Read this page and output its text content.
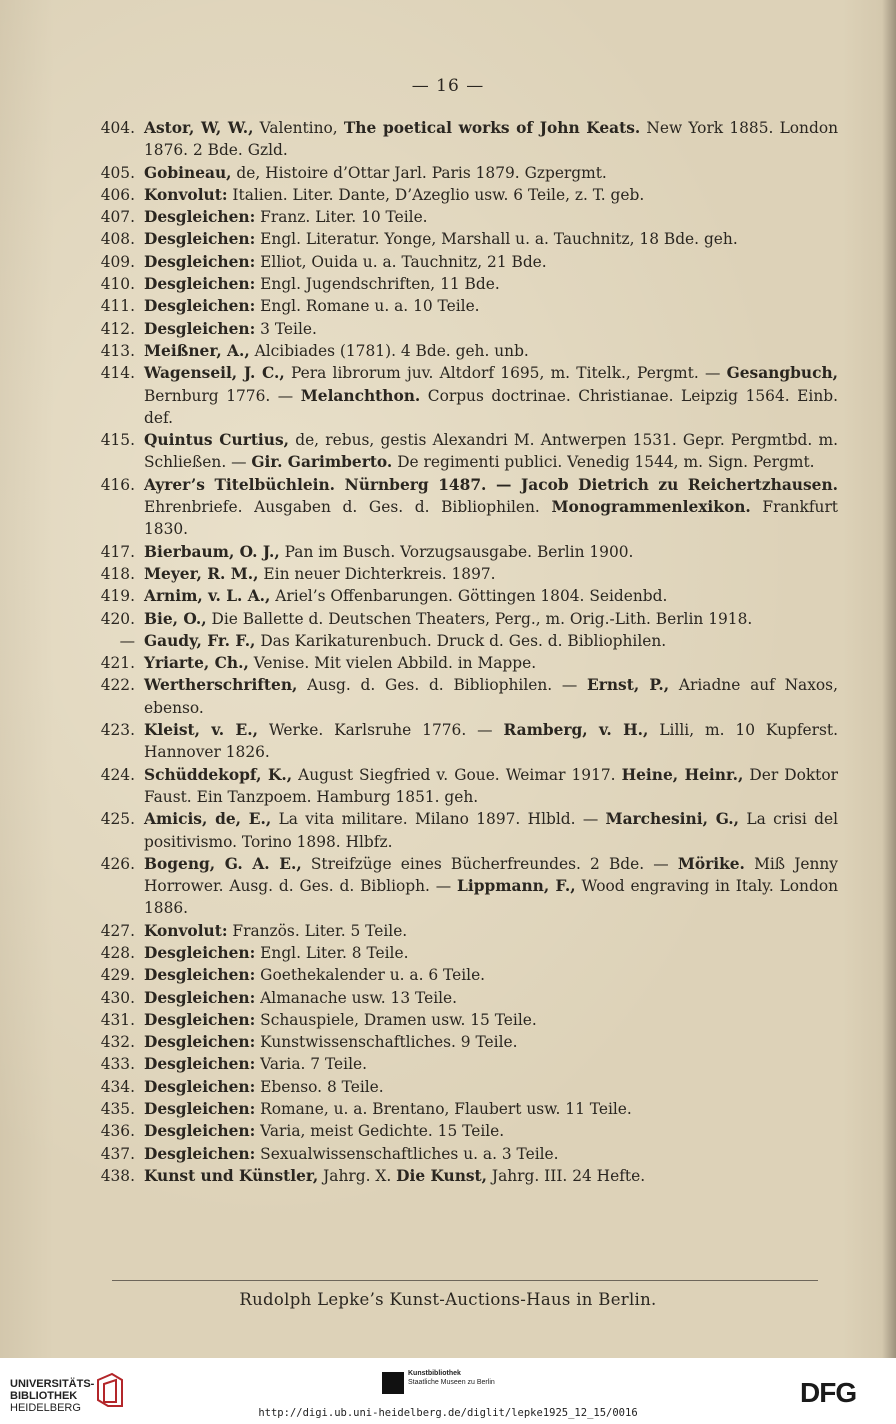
— 16 —
404. Astor, W, W., Valentino, The poetical works of John Keats. New York 1885. London 1876. 2 Bde. Gzld.
405. Gobineau, de, Histoire d’Ottar Jarl. Paris 1879. Gzpergmt.
406. Konvolut: Italien. Liter. Dante, D’Azeglio usw. 6 Teile, z. T. geb.
407. Desgleichen: Franz. Liter. 10 Teile.
408. Desgleichen: Engl. Literatur. Yonge, Marshall u. a. Tauchnitz, 18 Bde. geh.
409. Desgleichen: Elliot, Ouida u. a. Tauchnitz, 21 Bde.
410. Desgleichen: Engl. Jugendschriften, 11 Bde.
411. Desgleichen: Engl. Romane u. a. 10 Teile.
412. Desgleichen: 3 Teile.
413. Meißner, A., Alcibiades (1781). 4 Bde. geh. unb.
414. Wagenseil, J. C., Pera librorum juv. Altdorf 1695, m. Titelk., Pergmt. — Gesangbuch, Bernburg 1776. — Melanchthon. Corpus doctrinae. Christianae. Leipzig 1564. Einb. def.
415. Quintus Curtius, de, rebus, gestis Alexandri M. Antwerpen 1531. Gepr. Pergmtbd. m. Schließen. — Gir. Garimberto. De regimenti publici. Venedig 1544, m. Sign. Pergmt.
416. Ayrer’s Titelbüchlein. Nürnberg 1487. — Jacob Dietrich zu Reichertzhausen. Ehrenbriefe. Ausgaben d. Ges. d. Bibliophilen. Monogrammenlexikon. Frankfurt 1830.
417. Bierbaum, O. J., Pan im Busch. Vorzugsausgabe. Berlin 1900.
418. Meyer, R. M., Ein neuer Dichterkreis. 1897.
419. Arnim, v. L. A., Ariel’s Offenbarungen. Göttingen 1804. Seidenbd.
420. Bie, O., Die Ballette d. Deutschen Theaters, Perg., m. Orig.-Lith. Berlin 1918.
— Gaudy, Fr. F., Das Karikaturenbuch. Druck d. Ges. d. Bibliophilen.
421. Yriarte, Ch., Venise. Mit vielen Abbild. in Mappe.
422. Wertherschriften, Ausg. d. Ges. d. Bibliophilen. — Ernst, P., Ariadne auf Naxos, ebenso.
423. Kleist, v. E., Werke. Karlsruhe 1776. — Ramberg, v. H., Lilli, m. 10 Kupferst. Hannover 1826.
424. Schüddekopf, K., August Siegfried v. Goue. Weimar 1917. Heine, Heinr., Der Doktor Faust. Ein Tanzpoem. Hamburg 1851. geh.
425. Amicis, de, E., La vita militare. Milano 1897. Hlbld. — Marchesini, G., La crisi del positivismo. Torino 1898. Hlbfz.
426. Bogeng, G. A. E., Streifzüge eines Bücherfreundes. 2 Bde. — Mörike. Miß Jenny Horrower. Ausg. d. Ges. d. Biblioph. — Lippmann, F., Wood engraving in Italy. London 1886.
427. Konvolut: Französ. Liter. 5 Teile.
428. Desgleichen: Engl. Liter. 8 Teile.
429. Desgleichen: Goethekalender u. a. 6 Teile.
430. Desgleichen: Almanache usw. 13 Teile.
431. Desgleichen: Schauspiele, Dramen usw. 15 Teile.
432. Desgleichen: Kunstwissenschaftliches. 9 Teile.
433. Desgleichen: Varia. 7 Teile.
434. Desgleichen: Ebenso. 8 Teile.
435. Desgleichen: Romane, u. a. Brentano, Flaubert usw. 11 Teile.
436. Desgleichen: Varia, meist Gedichte. 15 Teile.
437. Desgleichen: Sexualwissenschaftliches u. a. 3 Teile.
438. Kunst und Künstler, Jahrg. X. Die Kunst, Jahrg. III. 24 Hefte.
Rudolph Lepke’s Kunst-Auctions-Haus in Berlin.
UNIVERSITÄTS-
BIBLIOTHEK
HEIDELBERG
Kunstbibliothek
Staatliche Museen zu Berlin	DFG
http://digi.ub.uni-heidelberg.de/diglit/lepke1925_12_15/0016
